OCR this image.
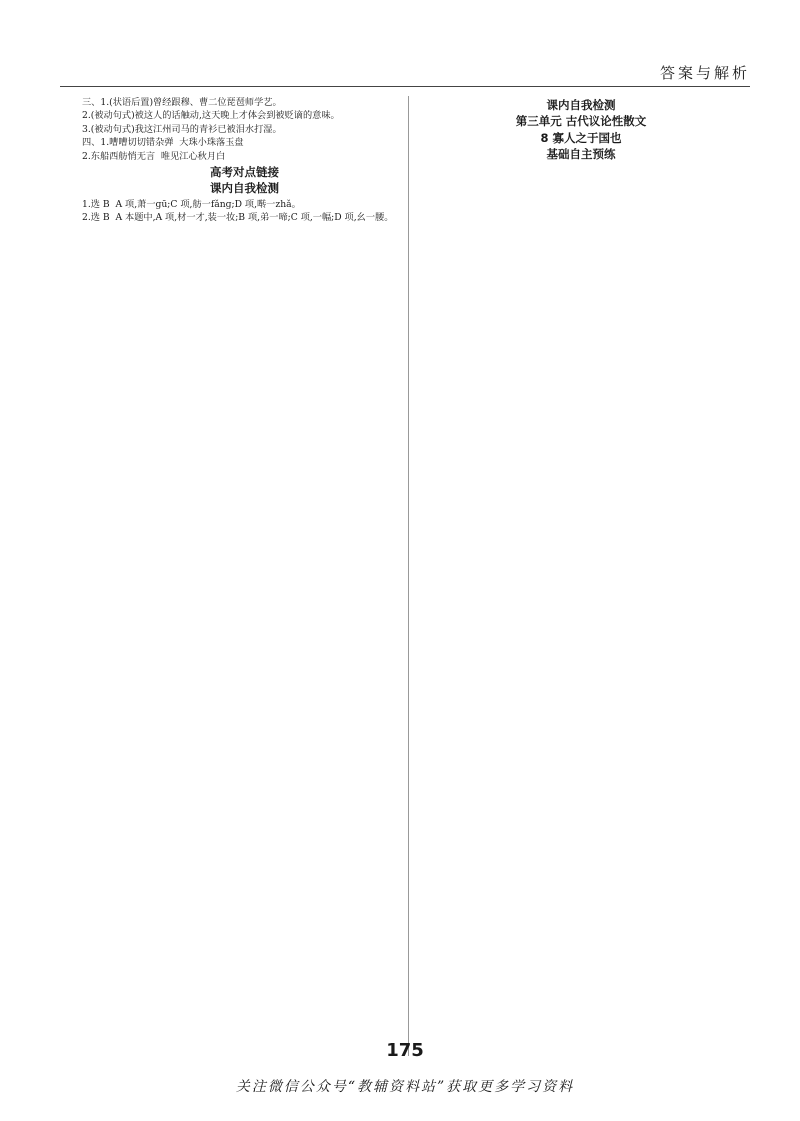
答案与解析

三、1.(状语后置)曾经跟穆、曹二位琵琶师学艺。

2.(被动句式)被这人的话触动,这天晚上才体会到被贬谪的意味。

3.(被动句式)我这江州司马的青衫已被泪水打湿。

四、1.嘈嘈切切错杂弹  大珠小珠落玉盘

2.东船西舫悄无言  唯见江心秋月白

高考对点链接
课内自我检测

1.选 B  A 项,萧一ɡū;C 项,舫一fǎnɡ;D 项,啭一zhǎ。

2.选 B  A 本题中,A 项,材一才,装一妆;B 项,弟一啼;C 项,一幅;D 项,幺一腰。

课内自我检测
第三单元 古代议论性散文
8 寡人之于国也
基础自主预练
175
关注微信公众号“教辅资料站”获取更多学习资料
